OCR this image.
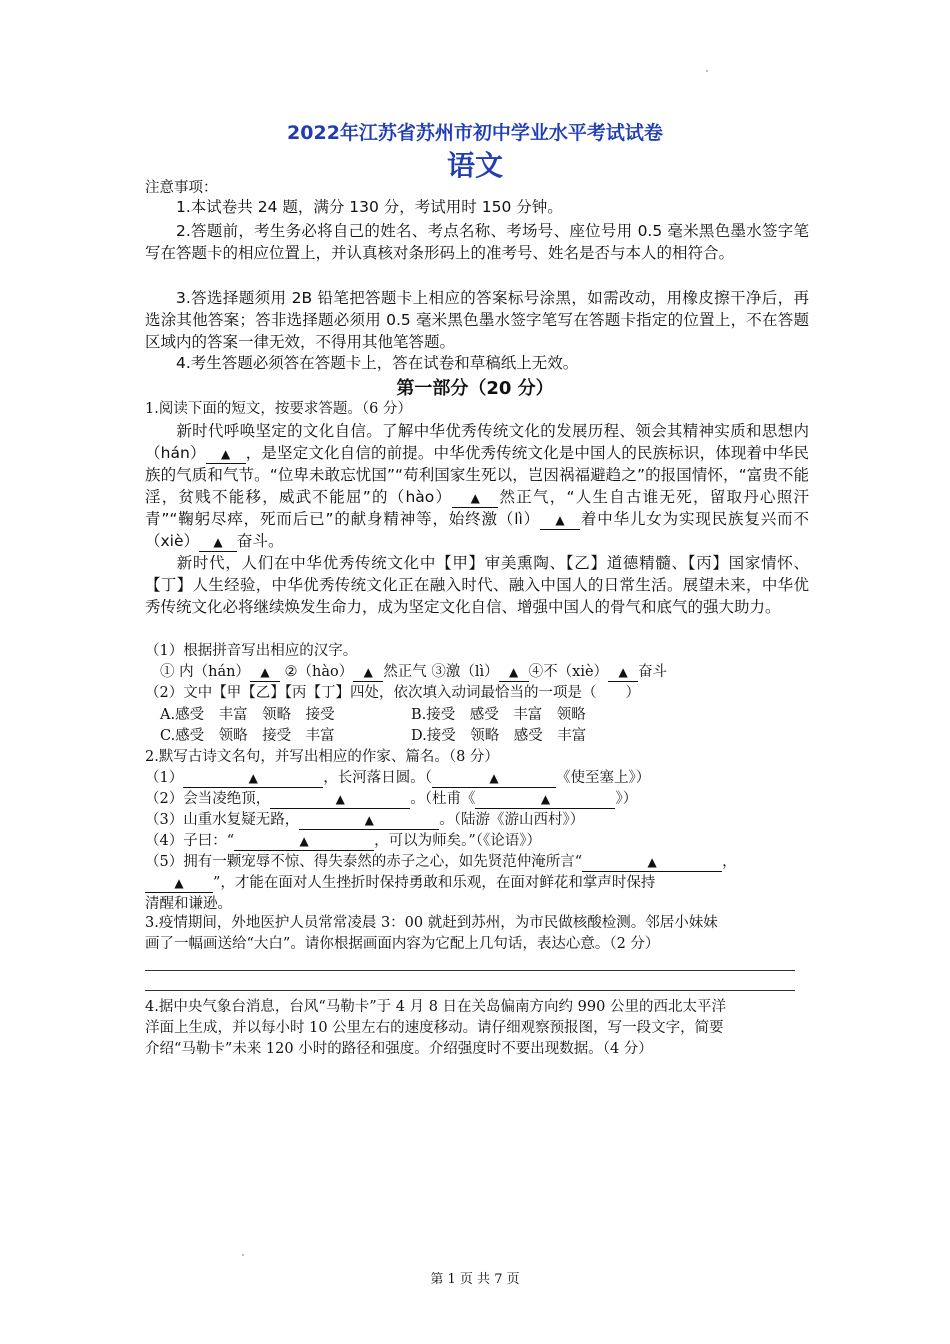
2022年江苏省苏州市初中学业水平考试试卷
语文
注意事项：
1.本试卷共 24 题，满分 130 分，考试用时 150 分钟。
2.答题前，考生务必将自己的姓名、考点名称、考场号、座位号用 0.5 毫米黑色墨水签字笔写在答题卡的相应位置上，并认真核对条形码上的准考号、姓名是否与本人的相符合。
3.答选择题须用 2B 铅笔把答题卡上相应的答案标号涂黑，如需改动，用橡皮擦干净后，再选涂其他答案；答非选择题必须用 0.5 毫米黑色墨水签字笔写在答题卡指定的位置上，不在答题区域内的答案一律无效，不得用其他笔答题。
4.考生答题必须答在答题卡上，答在试卷和草稿纸上无效。
第一部分（20 分）
1.阅读下面的短文，按要求答题。（6 分）
新时代呼唤坚定的文化自信。了解中华优秀传统文化的发展历程、领会其精神实质和思想内（hán） ▲ ，是坚定文化自信的前提。中华优秀传统文化是中国人的民族标识，体现着中华民族的气质和气节。“位卑未敢忘忧国”“苟利国家生死以，岂因祸福避趋之”的报国情怀，“富贵不能淫，贫贱不能移，威武不能屈”的（hào） ▲ 然正气，“人生自古谁无死，留取丹心照汗青”“鞠躬尽瘁，死而后已”的献身精神等，始终激（lì） ▲ 着中华儿女为实现民族复兴而不（xiè） ▲ 奋斗。
新时代，人们在中华优秀传统文化中【甲】审美熏陶、【乙】道德精髓、【丙】国家情怀、【丁】人生经验，中华优秀传统文化正在融入时代、融入中国人的日常生活。展望未来，中华优秀传统文化必将继续焕发生命力，成为坚定文化自信、增强中国人的骨气和底气的强大助力。
（1）根据拼音写出相应的汉字。
① 内（hán） ▲ ②（hào） ▲ 然正气 ③激（lì） ▲ ④不（xiè） ▲ 奋斗
（2）文中【甲【乙】【丙【丁】四处，依次填入动词最恰当的一项是（　　）
A.感受　丰富　领略　接受	B.接受　感受　丰富　领略
C.感受　领略　接受　丰富	D.接受　领略　感受　丰富
2.默写古诗文名句，并写出相应的作家、篇名。（8 分）
（1）	▲	，长河落日圆。（	▲	《使至塞上》）
（2）会当凌绝顶，	▲	。（杜甫《	▲	》）
（3）山重水复疑无路，	▲	。（陆游《游山西村》）
（4）子曰：“	▲	，可以为师矣。”（《论语》）
（5）拥有一颗宠辱不惊、得失泰然的赤子之心，如先贤范仲淹所言“	▲	，
▲ ”，才能在面对人生挫折时保持勇敢和乐观，在面对鲜花和掌声时保持
清醒和谦逊。
3.疫情期间，外地医护人员常常凌晨 3：00 就赶到苏州，为市民做核酸检测。邻居小妹妹
画了一幅画送给“大白”。请你根据画面内容为它配上几句话，表达心意。（2 分）
4.据中央气象台消息，台风“马勒卡”于 4 月 8 日在关岛偏南方向约 990 公里的西北太平洋
洋面上生成，并以每小时 10 公里左右的速度移动。请仔细观察预报图，写一段文字，简要
介绍“马勒卡”未来 120 小时的路径和强度。介绍强度时不要出现数据。（4 分）
第 1 页 共 7 页
